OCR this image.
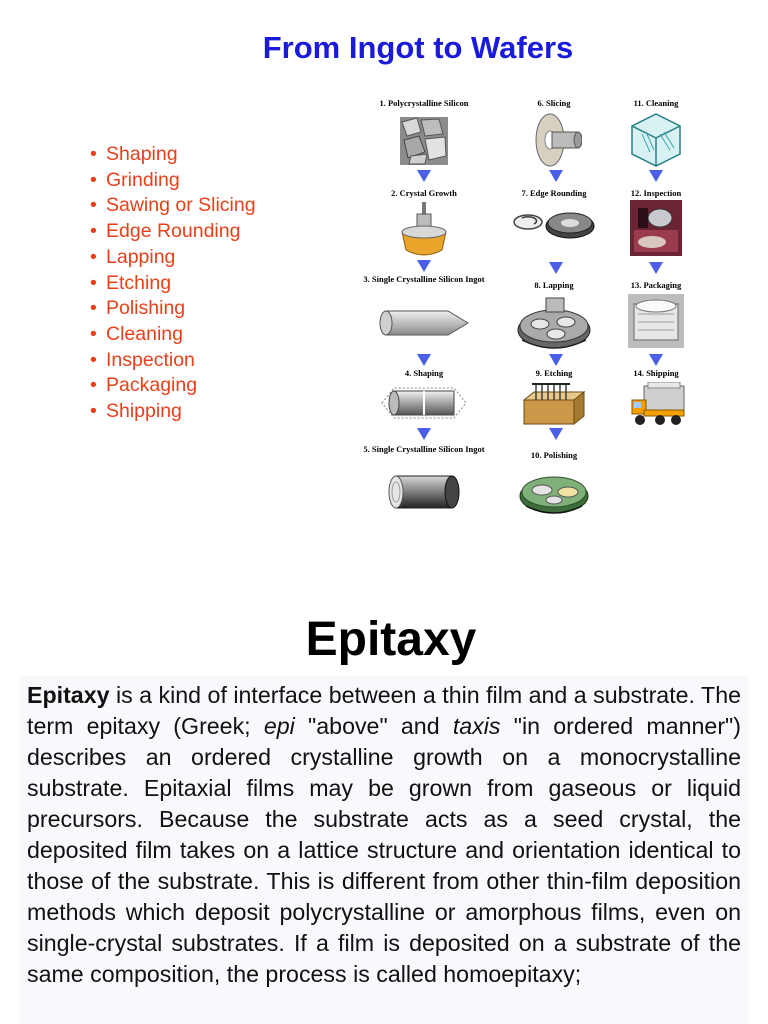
From Ingot to Wafers
• Shaping
• Grinding
• Sawing or Slicing
• Edge Rounding
• Lapping
• Etching
• Polishing
• Cleaning
• Inspection
• Packaging
• Shipping
1. Polycrystalline Silicon
2. Crystal Growth
3. Single Crystalline Silicon Ingot
4. Shaping
5. Single Crystalline Silicon Ingot
6. Slicing
7. Edge Rounding
8. Lapping
9. Etching
10. Polishing
11. Cleaning
12. Inspection
13. Packaging
14. Shipping
Epitaxy
Epitaxy is a kind of interface between a thin film and a substrate. The term epitaxy (Greek; epi "above" and taxis "in ordered manner") describes an ordered crystalline growth on a monocrystalline substrate. Epitaxial films may be grown from gaseous or liquid precursors. Because the substrate acts as a seed crystal, the deposited film takes on a lattice structure and orientation identical to those of the substrate. This is different from other thin-film deposition methods which deposit polycrystalline or amorphous films, even on single-crystal substrates. If a film is deposited on a substrate of the same composition, the process is called homoepitaxy;
